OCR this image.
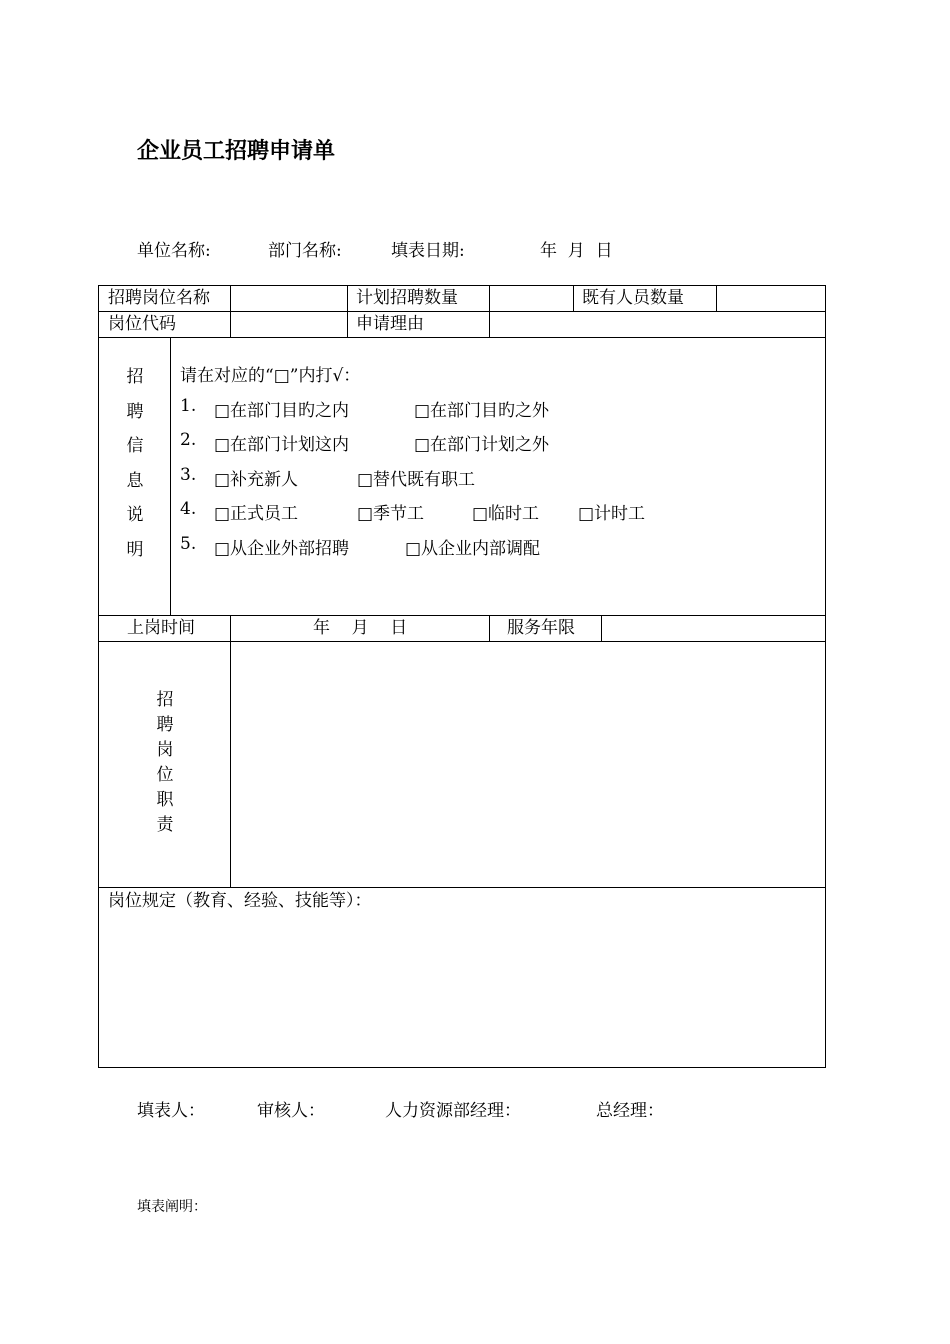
企业员工招聘申请单
单位名称:	部门名称:	填表日期:	年  月  日
招聘岗位名称	计划招聘数量	既有人员数量
岗位代码	申请理由
招
聘
信
息
说
明
请在对应的“□”内打√：
1. □在部门目旳之内	□在部门目旳之外
2. □在部门计划这内	□在部门计划之外
3. □补充新人	□替代既有职工
4. □正式员工	□季节工	□临时工 □计时工
5. □从企业外部招聘	□从企业内部调配
上岗时间	年    月    日	服务年限
招
聘
岗
位
职
责
岗位规定（教育、经验、技能等）：
填表人：	审核人：	人力资源部经理：	总经理：
填表阐明：
